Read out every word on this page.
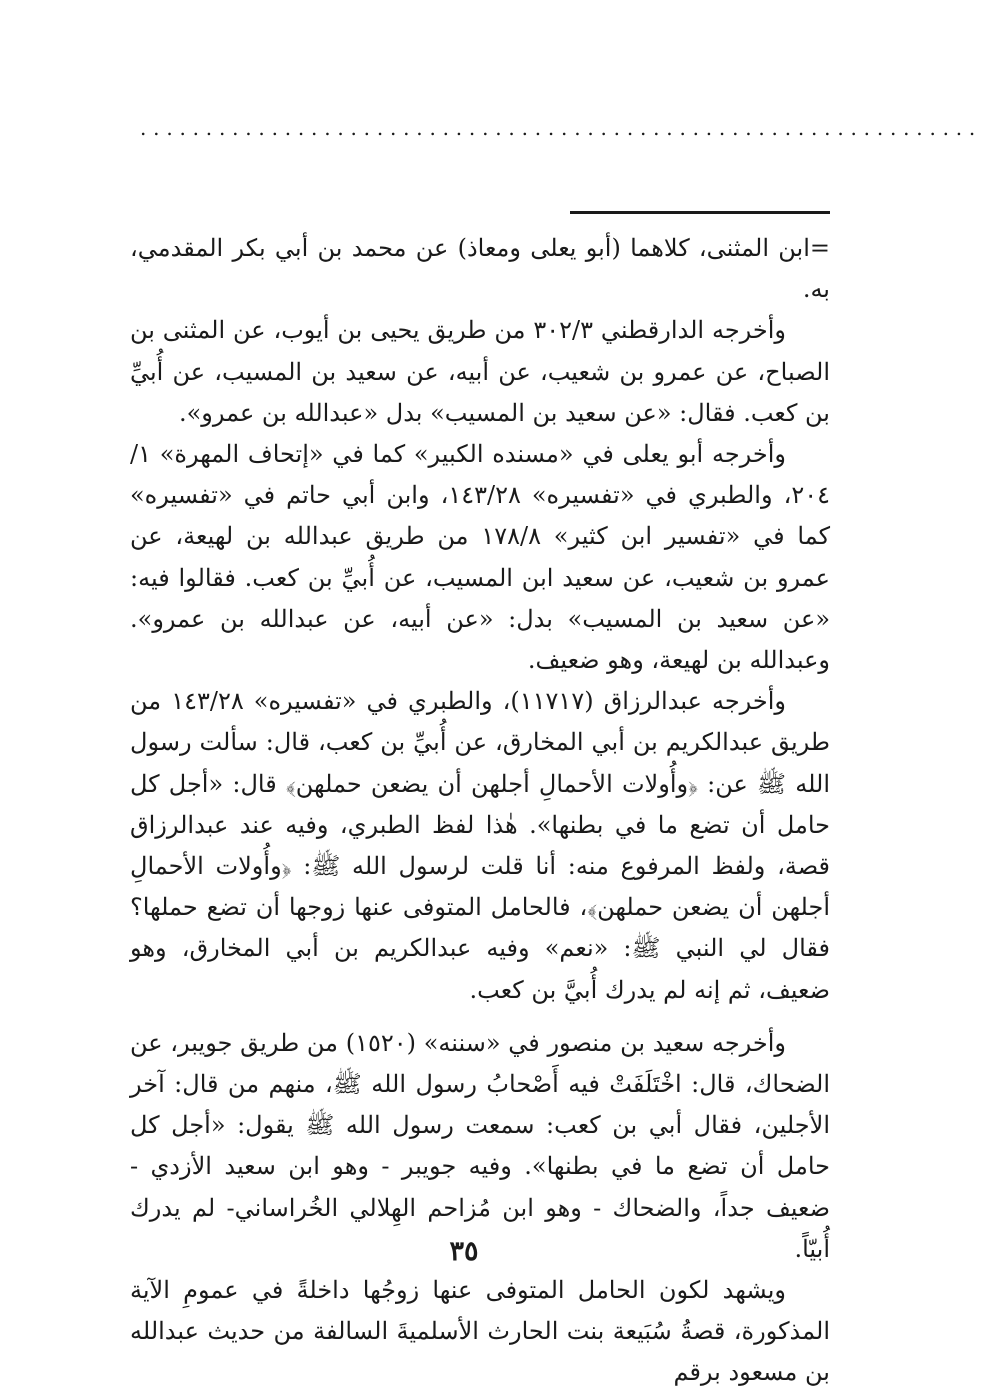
................................................................

=ابن المثنى، كلاهما (أبو يعلى ومعاذ) عن محمد بن أبي بكر المقدمي، به.

وأخرجه الدارقطني ٣٠٢/٣ من طريق يحيى بن أيوب، عن المثنى بن الصباح، عن عمرو بن شعيب، عن أبيه، عن سعيد بن المسيب، عن أُبيِّ بن كعب. فقال: «عن سعيد بن المسيب» بدل «عبدالله بن عمرو».

وأخرجه أبو يعلى في «مسنده الكبير» كما في «إتحاف المهرة» ١/ ٢٠٤، والطبري في «تفسيره» ١٤٣/٢٨، وابن أبي حاتم في «تفسيره» كما في «تفسير ابن كثير» ١٧٨/٨ من طريق عبدالله بن لهيعة، عن عمرو بن شعيب، عن سعيد ابن المسيب، عن أُبيِّ بن كعب. فقالوا فيه: «عن سعيد بن المسيب» بدل: «عن أبيه، عن عبدالله بن عمرو». وعبدالله بن لهيعة، وهو ضعيف.

وأخرجه عبدالرزاق (١١٧١٧)، والطبري في «تفسيره» ١٤٣/٢٨ من طريق عبدالكريم بن أبي المخارق، عن أُبيِّ بن كعب، قال: سألت رسول الله ﷺ عن: ﴿وأُولات الأحمالِ أجلهن أن يضعن حملهن﴾ قال: «أجل كل حامل أن تضع ما في بطنها». هٰذا لفظ الطبري، وفيه عند عبدالرزاق قصة، ولفظ المرفوع منه: أنا قلت لرسول الله ﷺ: ﴿وأُولات الأحمالِ أجلهن أن يضعن حملهن﴾، فالحامل المتوفى عنها زوجها أن تضع حملها؟ فقال لي النبي ﷺ: «نعم» وفيه عبدالكريم بن أبي المخارق، وهو ضعيف، ثم إنه لم يدرك أُبيَّ بن كعب.

وأخرجه سعيد بن منصور في «سننه» (١٥٢٠) من طريق جويبر، عن الضحاك، قال: اخْتَلَفَتْ فيه أَصْحابُ رسول الله ﷺ، منهم من قال: آخر الأجلين، فقال أبي بن كعب: سمعت رسول الله ﷺ يقول: «أجل كل حامل أن تضع ما في بطنها». وفيه جويبر - وهو ابن سعيد الأزدي - ضعيف جداً، والضحاك - وهو ابن مُزاحم الهِلالي الخُراساني- لم يدرك أُبيّاً.

ويشهد لكون الحامل المتوفى عنها زوجُها داخلةً في عمومِ الآية المذكورة، قصةُ سُبَيعة بنت الحارث الأسلميةَ السالفة من حديث عبدالله بن مسعود برقم

٣٥
